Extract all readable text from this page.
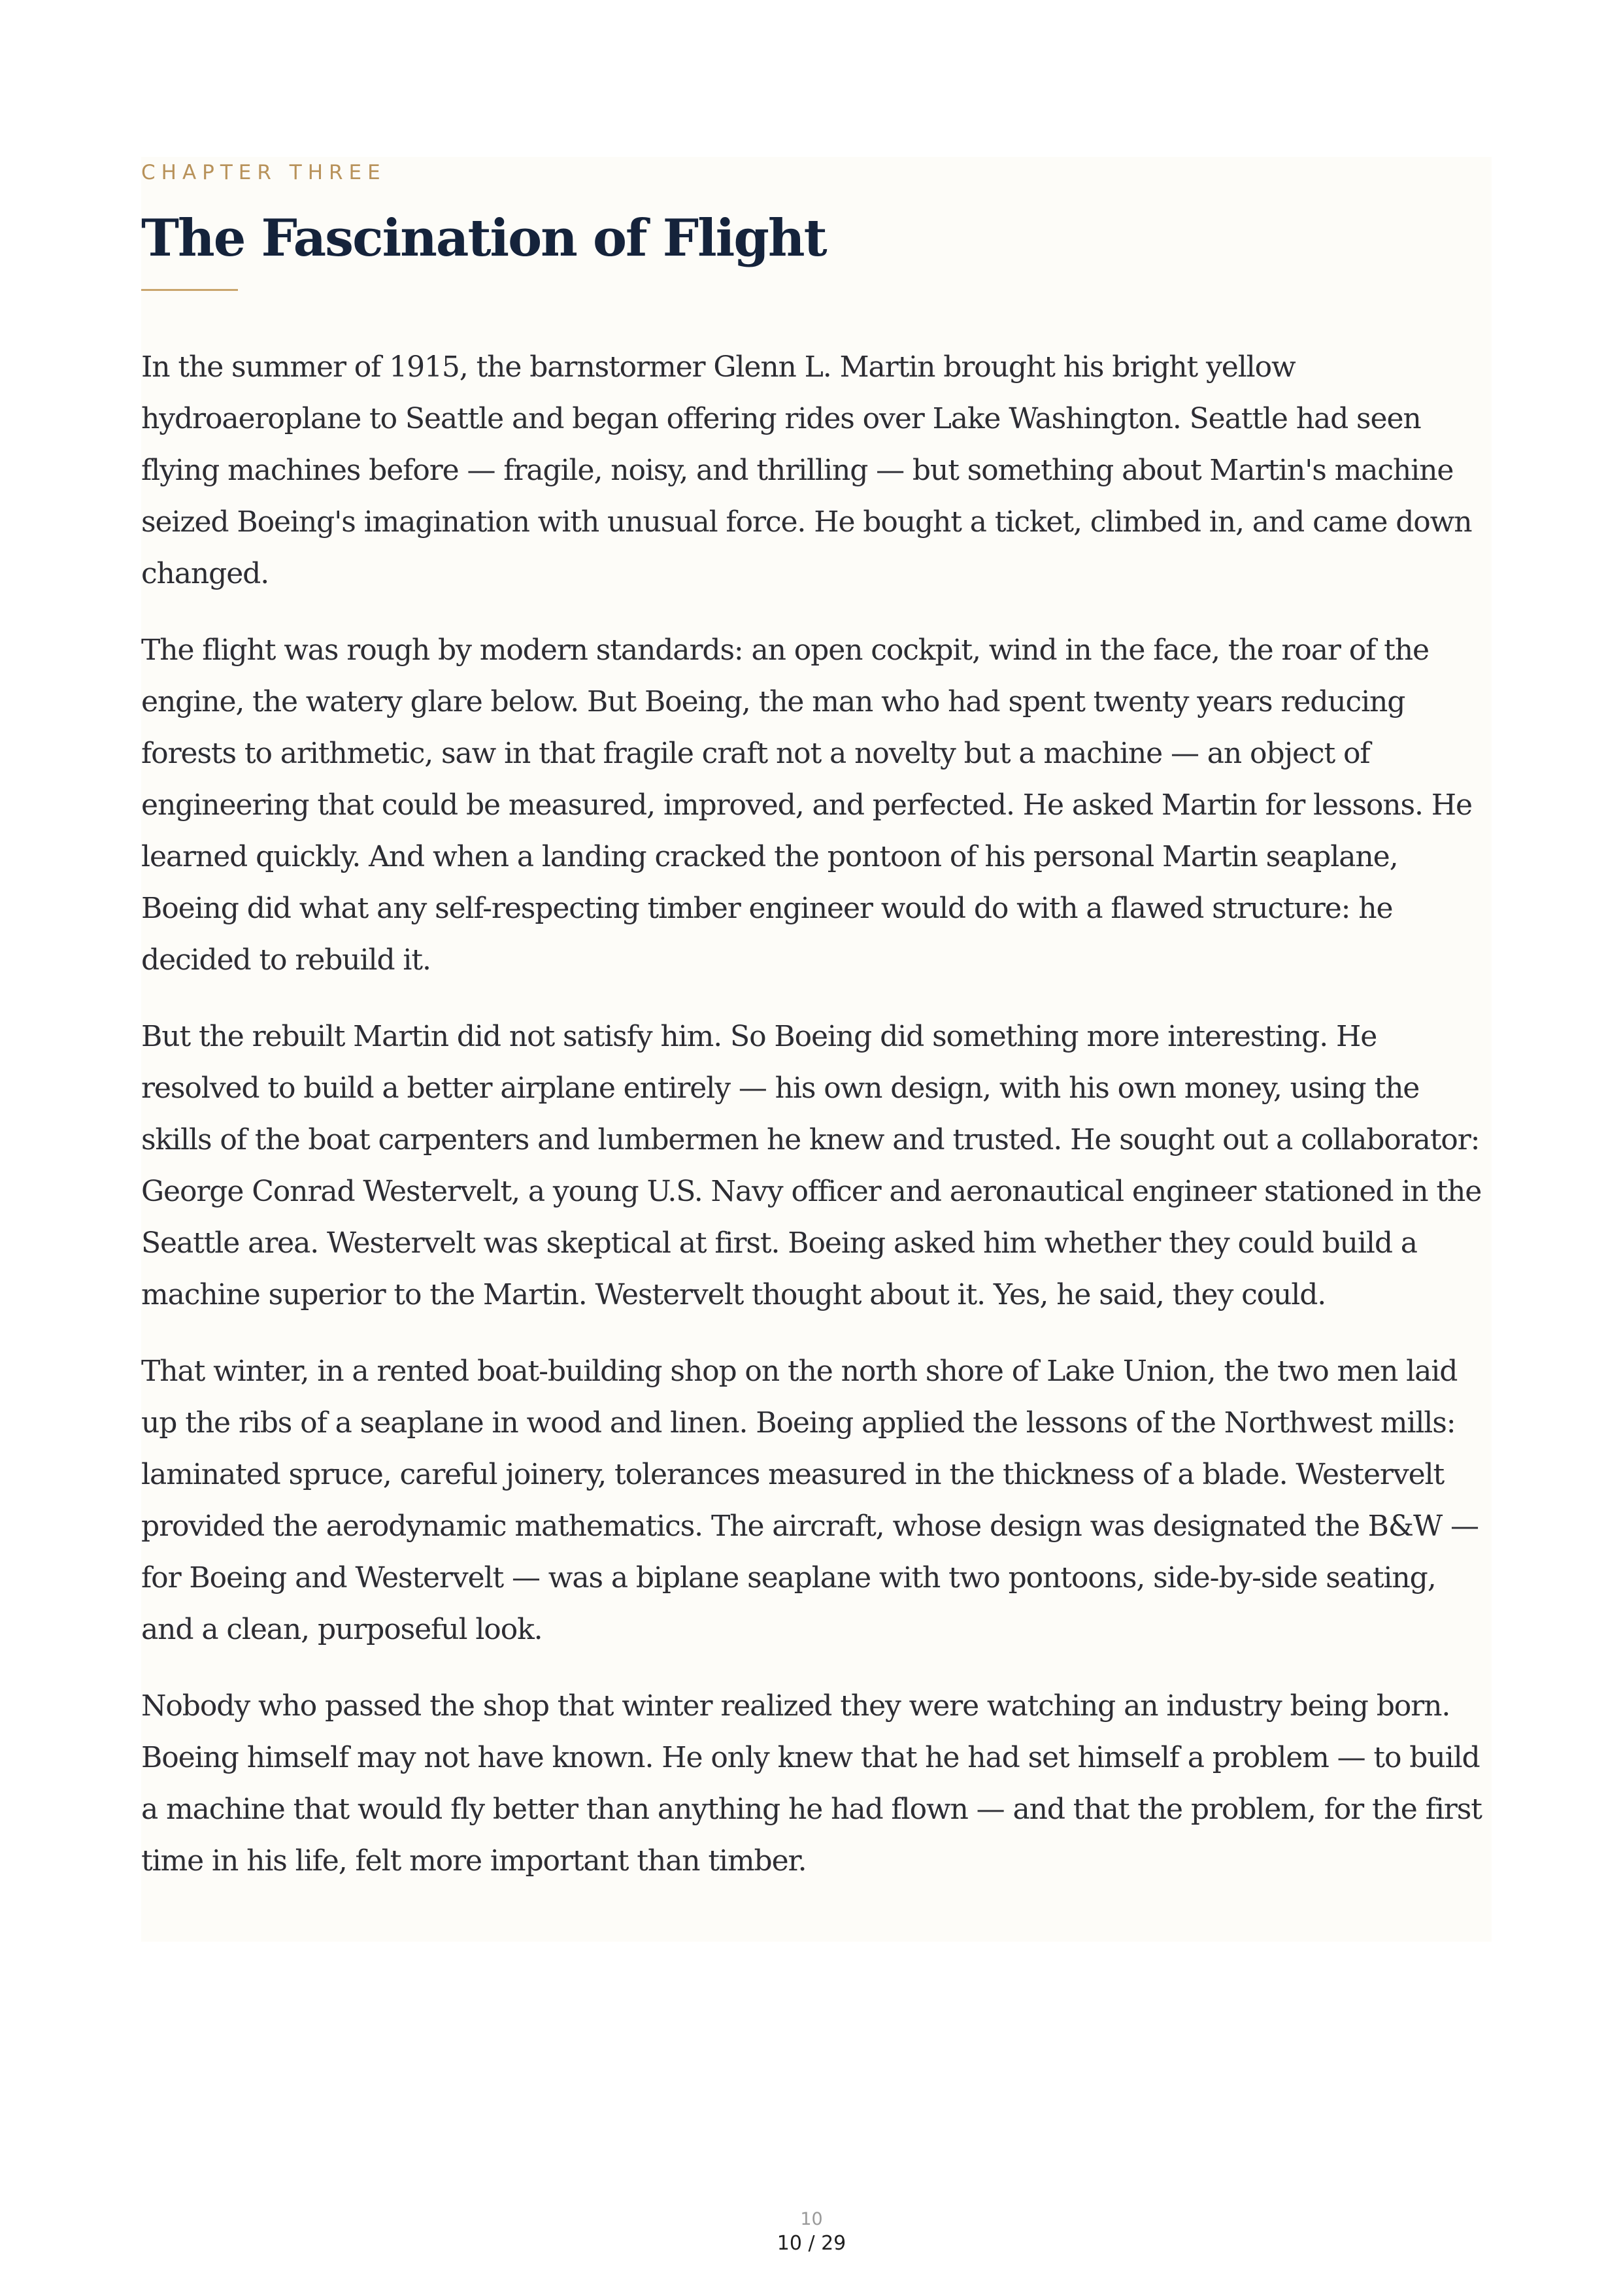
CHAPTER THREE
The Fascination of Flight

In the summer of 1915, the barnstormer Glenn L. Martin brought his bright yellow hydroaeroplane to Seattle and began offering rides over Lake Washington. Seattle had seen flying machines before — fragile, noisy, and thrilling — but something about Martin's machine seized Boeing's imagination with unusual force. He bought a ticket, climbed in, and came down changed.

The flight was rough by modern standards: an open cockpit, wind in the face, the roar of the engine, the watery glare below. But Boeing, the man who had spent twenty years reducing forests to arithmetic, saw in that fragile craft not a novelty but a machine — an object of engineering that could be measured, improved, and perfected. He asked Martin for lessons. He learned quickly. And when a landing cracked the pontoon of his personal Martin seaplane, Boeing did what any self-respecting timber engineer would do with a flawed structure: he decided to rebuild it.

But the rebuilt Martin did not satisfy him. So Boeing did something more interesting. He resolved to build a better airplane entirely — his own design, with his own money, using the skills of the boat carpenters and lumbermen he knew and trusted. He sought out a collaborator: George Conrad Westervelt, a young U.S. Navy officer and aeronautical engineer stationed in the Seattle area. Westervelt was skeptical at first. Boeing asked him whether they could build a machine superior to the Martin. Westervelt thought about it. Yes, he said, they could.

That winter, in a rented boat-building shop on the north shore of Lake Union, the two men laid up the ribs of a seaplane in wood and linen. Boeing applied the lessons of the Northwest mills: laminated spruce, careful joinery, tolerances measured in the thickness of a blade. Westervelt provided the aerodynamic mathematics. The aircraft, whose design was designated the B&W — for Boeing and Westervelt — was a biplane seaplane with two pontoons, side-by-side seating, and a clean, purposeful look.

Nobody who passed the shop that winter realized they were watching an industry being born. Boeing himself may not have known. He only knew that he had set himself a problem — to build a machine that would fly better than anything he had flown — and that the problem, for the first time in his life, felt more important than timber.

10
10 / 29
